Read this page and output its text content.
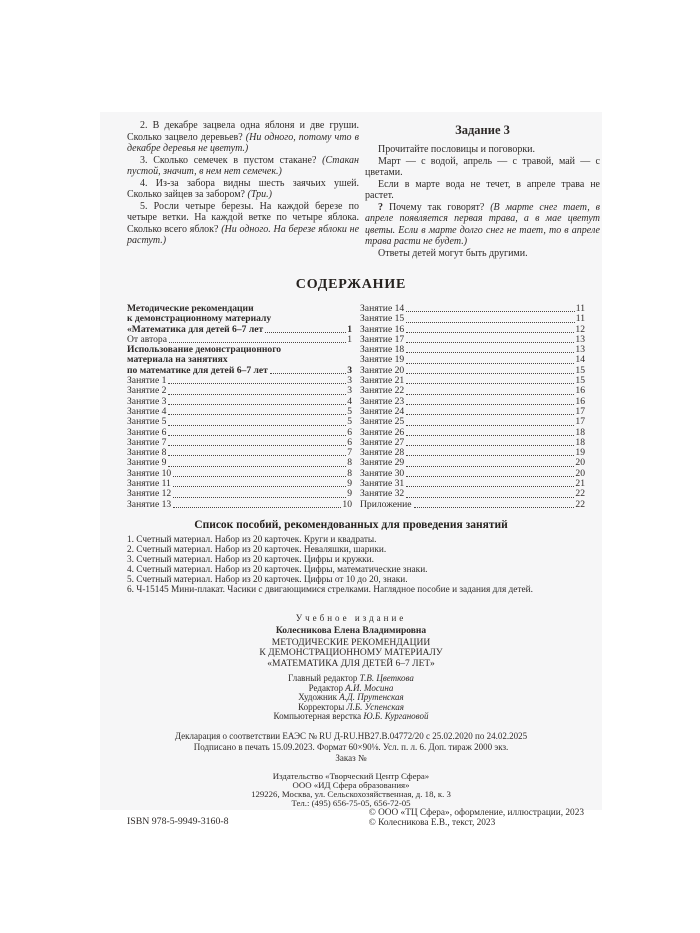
2. В декабре зацвела одна яблоня и две груши. Сколько зацвело деревьев? (Ни одного, потому что в декабре деревья не цветут.)

3. Сколько семечек в пустом стакане? (Стакан пустой, значит, в нем нет семечек.)

4. Из-за забора видны шесть заячьих ушей. Сколько зайцев за забором? (Три.)

5. Росли четыре березы. На каждой березе по четыре ветки. На каждой ветке по четыре яблока. Сколько всего яблок? (Ни одного. На березе яблоки не растут.)

Задание 3

Прочитайте пословицы и поговорки.

Март — с водой, апрель — с травой, май — с цветами.

Если в марте вода не течет, в апреле трава не растет.

? Почему так говорят? (В марте снег тает, в апреле появляется первая трава, а в мае цветут цветы. Если в марте долго снег не тает, то в апреле трава расти не будет.)

Ответы детей могут быть другими.

СОДЕРЖАНИЕ
Методические рекомендации
к демонстрационному материалу
«Математика для детей 6–7 лет	1
От автора	1
Использование демонстрационного
материала на занятиях
по математике для детей 6–7 лет	3
Занятие 1	3
Занятие 2	3
Занятие 3	4
Занятие 4	5
Занятие 5	5
Занятие 6	6
Занятие 7	6
Занятие 8	7
Занятие 9	8
Занятие 10	8
Занятие 11	9
Занятие 12	9
Занятие 13	10
Занятие 14	11
Занятие 15	11
Занятие 16	12
Занятие 17	13
Занятие 18	13
Занятие 19	14
Занятие 20	15
Занятие 21	15
Занятие 22	16
Занятие 23	16
Занятие 24	17
Занятие 25	17
Занятие 26	18
Занятие 27	18
Занятие 28	19
Занятие 29	20
Занятие 30	20
Занятие 31	21
Занятие 32	22
Приложение	22
Список пособий, рекомендованных для проведения занятий
1. Счетный материал. Набор из 20 карточек. Круги и квадраты.
2. Счетный материал. Набор из 20 карточек. Неваляшки, шарики.
3. Счетный материал. Набор из 20 карточек. Цифры и кружки.
4. Счетный материал. Набор из 20 карточек. Цифры, математические знаки.
5. Счетный материал. Набор из 20 карточек. Цифры от 10 до 20, знаки.
6. Ч-15145 Мини-плакат. Часики с двигающимися стрелками. Наглядное пособие и задания для детей.
Учебное издание
Колесникова Елена Владимировна
МЕТОДИЧЕСКИЕ РЕКОМЕНДАЦИИ
К ДЕМОНСТРАЦИОННОМУ МАТЕРИАЛУ
«МАТЕМАТИКА ДЛЯ ДЕТЕЙ 6–7 ЛЕТ»
Главный редактор Т.В. Цветкова
Редактор А.И. Мосина
Художник А.Д. Прутенская
Корректоры Л.Б. Успенская
Компьютерная верстка Ю.Б. Кургановой
Декларация о соответствии ЕАЭС № RU Д-RU.НВ27.В.04772/20 с 25.02.2020 по 24.02.2025
Подписано в печать 15.09.2023. Формат 60×90⅛. Усл. п. л. 6. Доп. тираж 2000 экз.
Заказ №
Издательство «Творческий Центр Сфера»
ООО «ИД Сфера образования»
129226, Москва, ул. Сельскохозяйственная, д. 18, к. 3
Тел.: (495) 656-75-05, 656-72-05
ISBN 978-5-9949-3160-8
© ООО «ТЦ Сфера», оформление, иллюстрации, 2023
© Колесникова Е.В., текст, 2023
